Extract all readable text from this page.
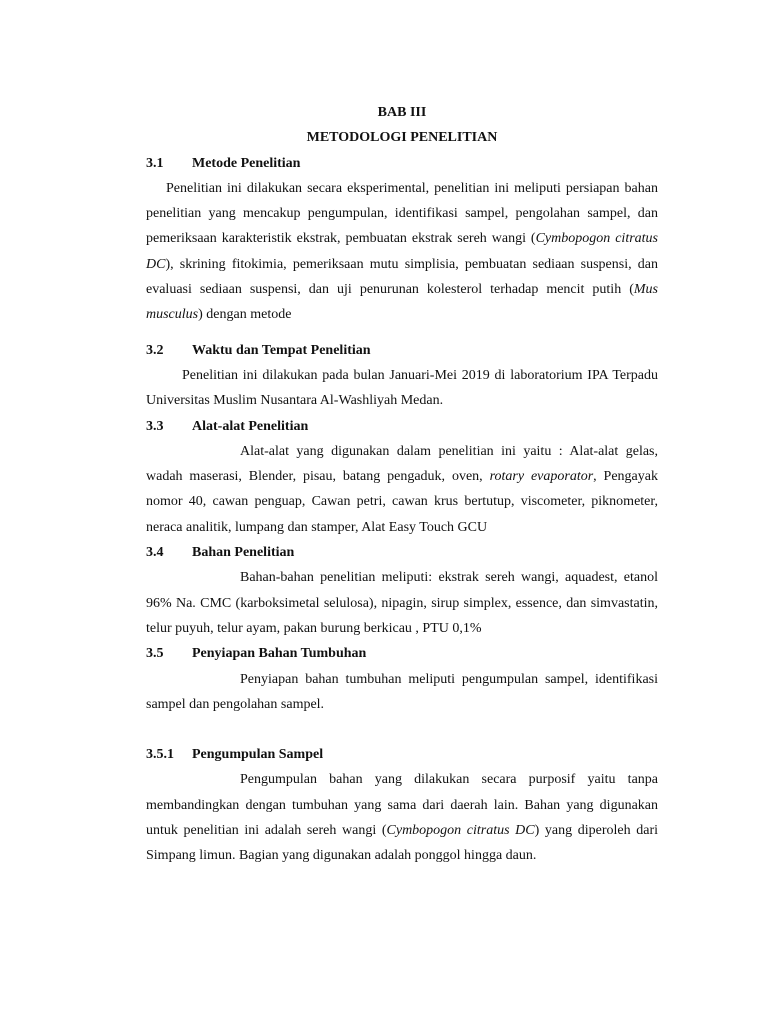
BAB III
METODOLOGI PENELITIAN
3.1	Metode Penelitian

Penelitian ini dilakukan secara eksperimental, penelitian ini meliputi persiapan bahan penelitian yang mencakup pengumpulan, identifikasi sampel, pengolahan sampel, dan pemeriksaan karakteristik ekstrak, pembuatan ekstrak sereh wangi (Cymbopogon citratus DC), skrining fitokimia, pemeriksaan mutu simplisia, pembuatan sediaan suspensi, dan evaluasi sediaan suspensi, dan uji penurunan kolesterol terhadap mencit putih (Mus musculus) dengan metode

3.2	Waktu dan Tempat Penelitian

Penelitian ini dilakukan pada bulan Januari-Mei 2019 di laboratorium IPA Terpadu Universitas Muslim Nusantara Al-Washliyah Medan.

3.3	Alat-alat Penelitian

Alat-alat yang digunakan dalam penelitian ini yaitu : Alat-alat gelas, wadah maserasi, Blender, pisau, batang pengaduk, oven, rotary evaporator, Pengayak nomor 40, cawan penguap, Cawan petri, cawan krus bertutup, viscometer, piknometer, neraca analitik, lumpang dan stamper, Alat Easy Touch GCU

3.4	Bahan Penelitian

Bahan-bahan penelitian meliputi: ekstrak sereh wangi, aquadest, etanol 96% Na. CMC (karboksimetal selulosa), nipagin, sirup simplex, essence, dan simvastatin, telur puyuh, telur ayam, pakan burung berkicau , PTU 0,1%

3.5	Penyiapan Bahan Tumbuhan

Penyiapan bahan tumbuhan meliputi pengumpulan sampel, identifikasi sampel dan pengolahan sampel.

3.5.1	Pengumpulan Sampel

Pengumpulan bahan yang dilakukan secara purposif yaitu tanpa membandingkan dengan tumbuhan yang sama dari daerah lain. Bahan yang digunakan untuk penelitian ini adalah sereh wangi (Cymbopogon citratus DC) yang diperoleh dari Simpang limun. Bagian yang digunakan adalah ponggol hingga daun.
